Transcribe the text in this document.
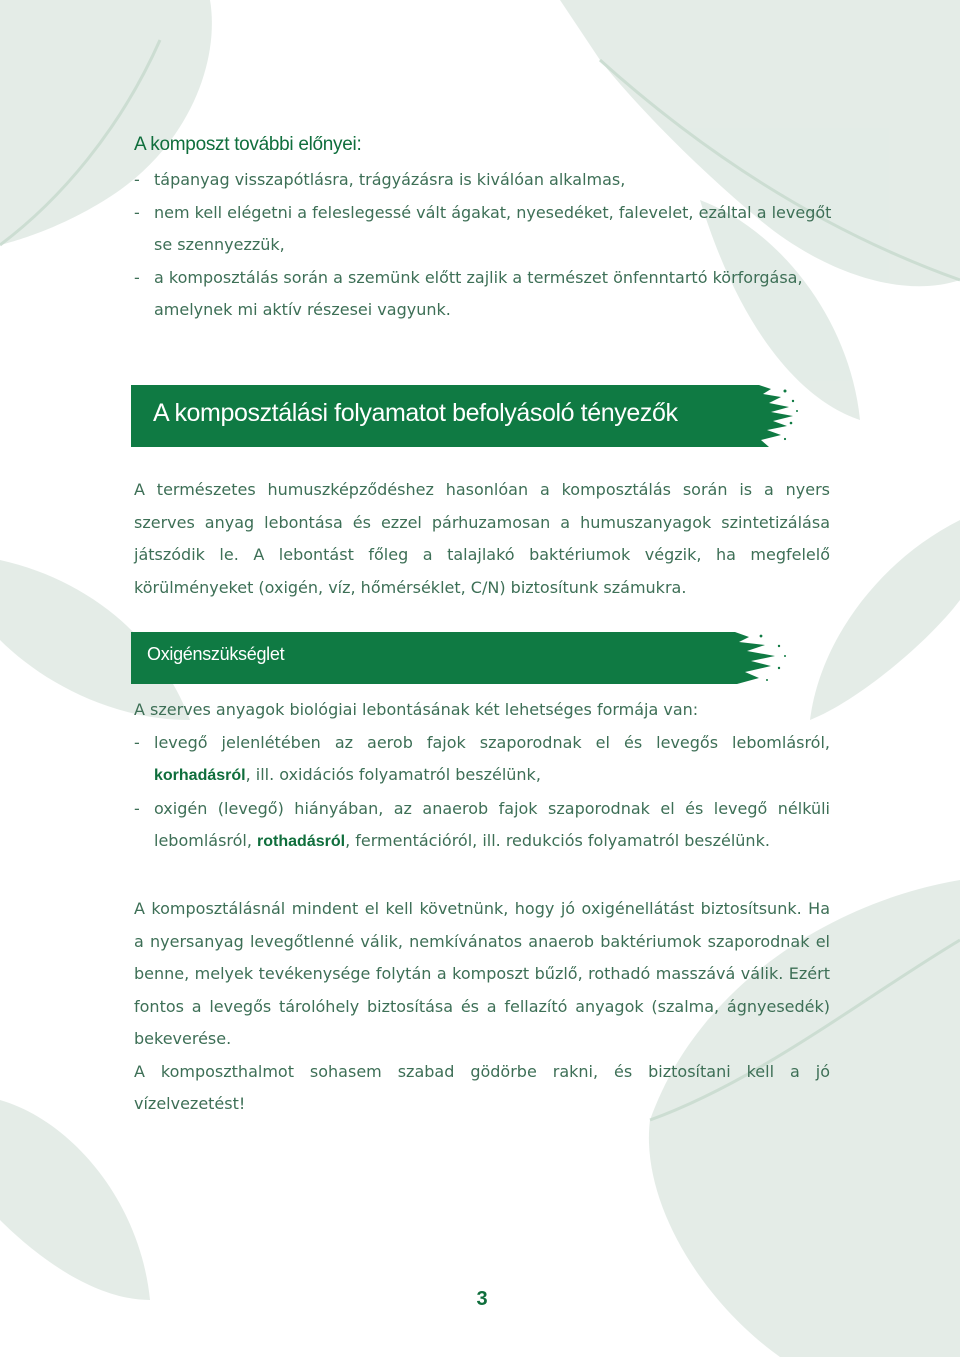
A komposzt további előnyei:
- tápanyag visszapótlásra, trágyázásra is kiválóan alkalmas,
- nem kell elégetni a feleslegessé vált ágakat, nyesedéket, falevelet, ezáltal a levegőt se szennyezzük,
- a komposztálás során a szemünk előtt zajlik a természet önfenntartó körforgása, amelynek mi aktív részesei vagyunk.
A komposztálási folyamatot befolyásoló tényezők

A természetes humuszképződéshez hasonlóan a komposztálás során is a nyers szerves anyag lebontása és ezzel párhuzamosan a humuszanyagok szintetizálása játszódik le. A lebontást főleg a talajlakó baktériumok végzik, ha megfelelő körülményeket (oxigén, víz, hőmérséklet, C/N) biztosítunk számukra.

Oxigénszükséglet
A szerves anyagok biológiai lebontásának két lehetséges formája van:
- levegő jelenlétében az aerob fajok szaporodnak el és levegős lebomlásról, korhadásról, ill. oxidációs folyamatról beszélünk,
- oxigén (levegő) hiányában, az anaerob fajok szaporodnak el és levegő nélküli lebomlásról, rothadásról, fermentációról, ill. redukciós folyamatról beszélünk.
A komposztálásnál mindent el kell követnünk, hogy jó oxigénellátást biztosítsunk. Ha a nyersanyag levegőtlenné válik, nemkívánatos anaerob baktériumok szaporodnak el benne, melyek tevékenysége folytán a komposzt bűzlő, rothadó masszává válik. Ezért fontos a levegős tárolóhely biztosítása és a fellazító anyagok (szalma, ágnyesedék) bekeverése.
A komposzthalmot sohasem szabad gödörbe rakni, és biztosítani kell a jó vízelvezetést!
3
